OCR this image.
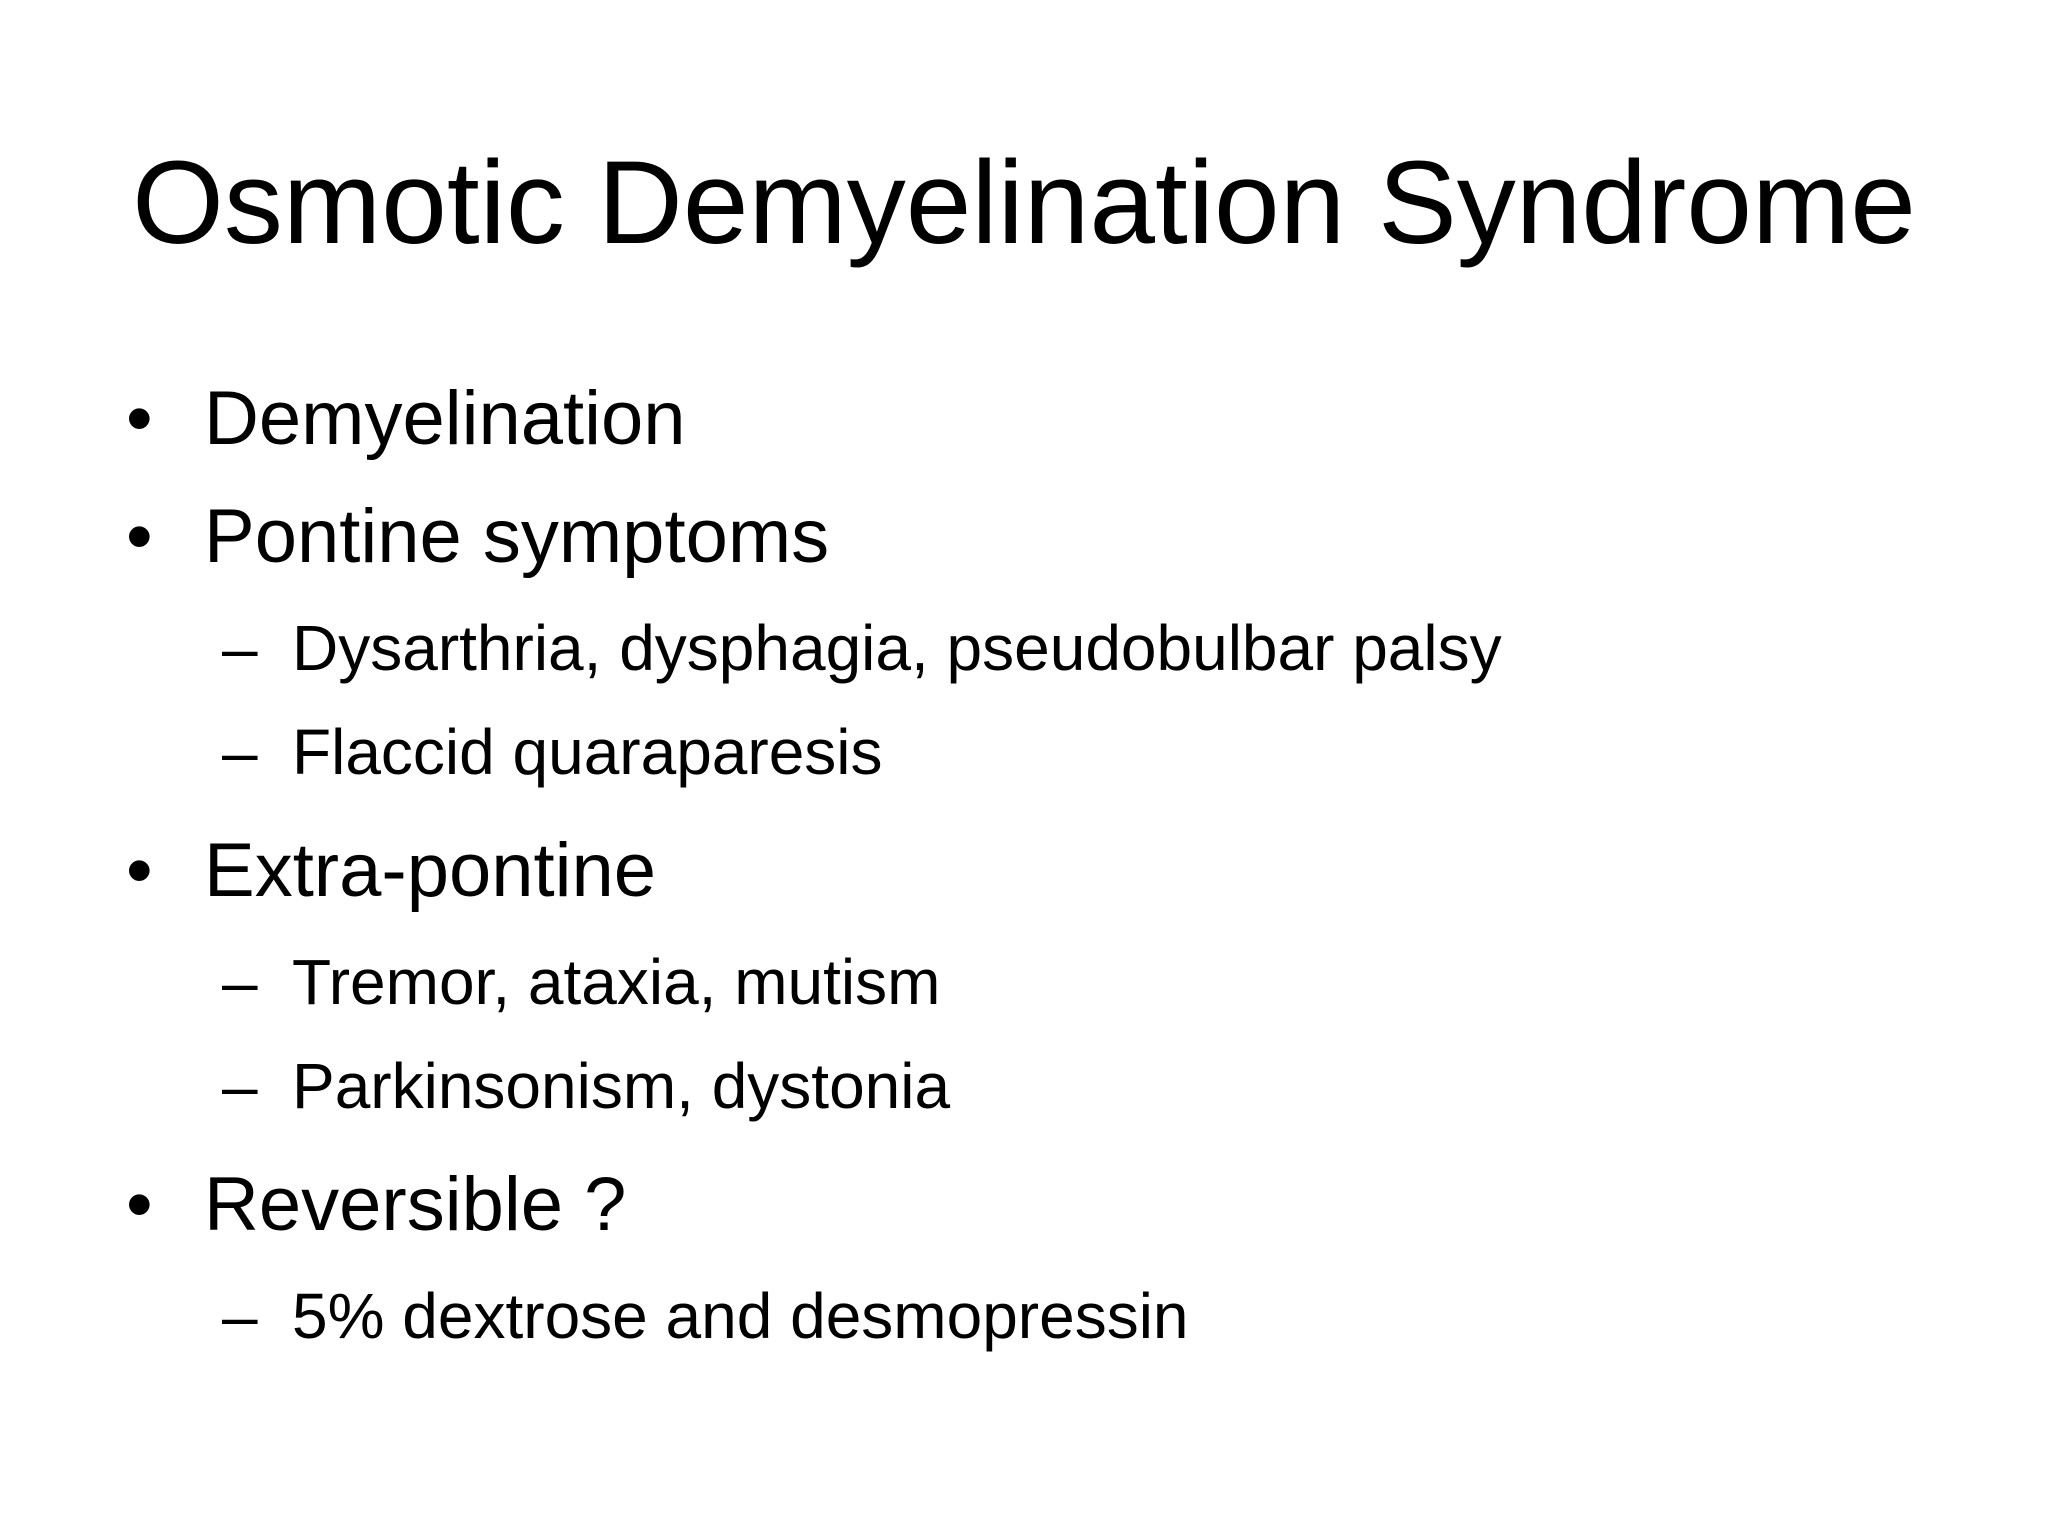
Osmotic Demyelination Syndrome
• Demyelination
• Pontine symptoms
– Dysarthria, dysphagia, pseudobulbar palsy
– Flaccid quaraparesis
• Extra-pontine
– Tremor, ataxia, mutism
– Parkinsonism, dystonia
• Reversible ?
– 5% dextrose and desmopressin
